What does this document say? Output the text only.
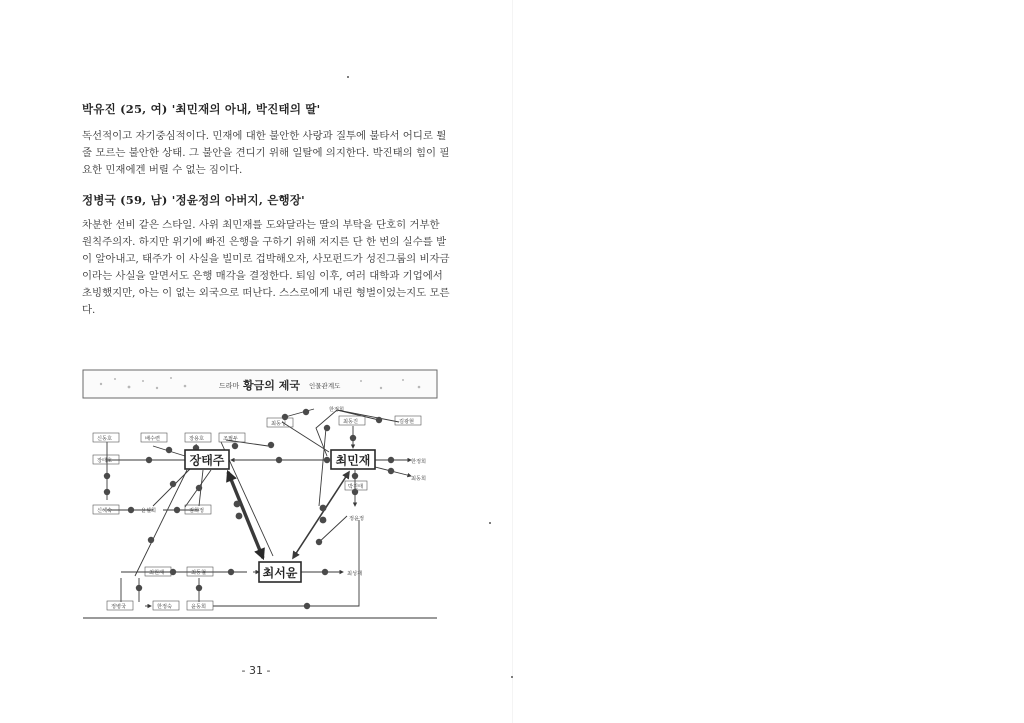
박유진 (25, 여) '최민재의 아내, 박진태의 딸'
독선적이고 자기중심적이다. 민재에 대한 불안한 사랑과 질투에 불타서 어디로 튈
줄 모르는 불안한 상태. 그 불안을 견디기 위해 일탈에 의지한다. 박진태의 힘이 필
요한 민재에겐 버릴 수 없는 짐이다.
정병국 (59, 남) '정윤정의 아버지, 은행장'
차분한 선비 같은 스타일. 사위 최민재를 도와달라는 딸의 부탁을 단호히 거부한
원칙주의자. 하지만 위기에 빠진 은행을 구하기 위해 저지른 단 한 번의 실수를 발
이 알아내고, 태주가 이 사실을 빌미로 겁박해오자, 사모펀드가 성진그룹의 비자금
이라는 사실을 알면서도 은행 매각을 결정한다. 퇴임 이후, 여러 대학과 기업에서
초빙했지만, 아는 이 없는 외국으로 떠난다. 스스로에게 내린 형벌이었는지도 모른
다.
드라마 황금의 제국 인물관계도
한정희
최동성	최동진	김광현
신동호	배수련	장용호	조필두
장태호	한정희
최동희
박진태
정윤정
신혜숙	윤설희	김희정
최원재	최동철
정병국	한정숙	윤동희
최성재
장태주	최민재
최서윤
- 31 -
